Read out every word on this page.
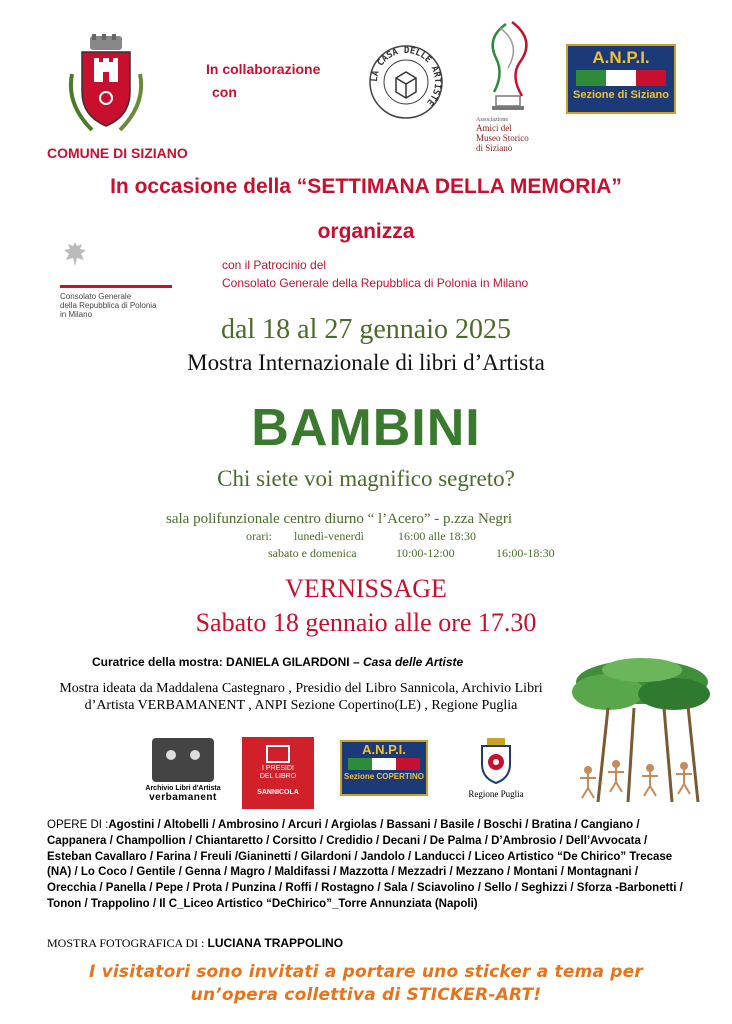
In collaborazione
con
COMUNE DI SIZIANO
LA CASA DELLE ARTISTE
Associazione
Amici del
Museo Storico
di Siziano
A.N.P.I.
Sezione di Siziano
In occasione della “SETTIMANA DELLA MEMORIA”
organizza
Consolato Generale
della Repubblica di Polonia
in Milano
con il Patrocinio del
Consolato Generale della Repubblica di Polonia in Milano
dal 18 al 27 gennaio 2025
Mostra Internazionale di libri d’Artista
BAMBINI
Chi siete voi magnifico segreto?
sala polifunzionale centro diurno “ l’Acero” - p.zza Negri
orari: lunedì-venerdì	16:00 alle 18:30
sabato e domenica	10:00-12:00	16:00-18:30
VERNISSAGE
Sabato 18 gennaio alle ore 17.30
Curatrice della mostra: DANIELA GILARDONI – Casa delle Artiste
Mostra ideata da Maddalena Castegnaro , Presidio del Libro Sannicola, Archivio Libri d’Artista VERBAMANENT , ANPI Sezione Copertino(LE) , Regione Puglia
Archivio Libri d'Artista
verbamanent
I PRESIDI
DEL LIBRO
SANNICOLA
A.N.P.I.
Sezione COPERTINO
Regione Puglia
OPERE DI :Agostini / Altobelli / Ambrosino / Arcuri / Argiolas / Bassani / Basile / Boschi / Bratina / Cangiano / Cappanera / Champollion / Chiantaretto / Corsitto / Credidio / Decani / De Palma / D’Ambrosio / Dell’Avvocata / Esteban Cavallaro / Farina / Freuli /Gianinetti / Gilardoni / Jandolo / Landucci / Liceo Artistico “De Chirico” Trecase (NA) / Lo Coco / Gentile / Genna / Magro / Maldifassi / Mazzotta / Mezzadri / Mezzano / Montani / Montagnani / Orecchia / Panella / Pepe / Prota / Punzina / Roffi / Rostagno / Sala / Sciavolino / Sello / Seghizzi / Sforza -Barbonetti / Tonon / Trappolino / Il C_Liceo Artistico “DeChirico”_Torre Annunziata (Napoli)
MOSTRA FOTOGRAFICA DI : LUCIANA TRAPPOLINO
I visitatori sono invitati a portare uno sticker a tema per
un’opera collettiva di STICKER-ART!
